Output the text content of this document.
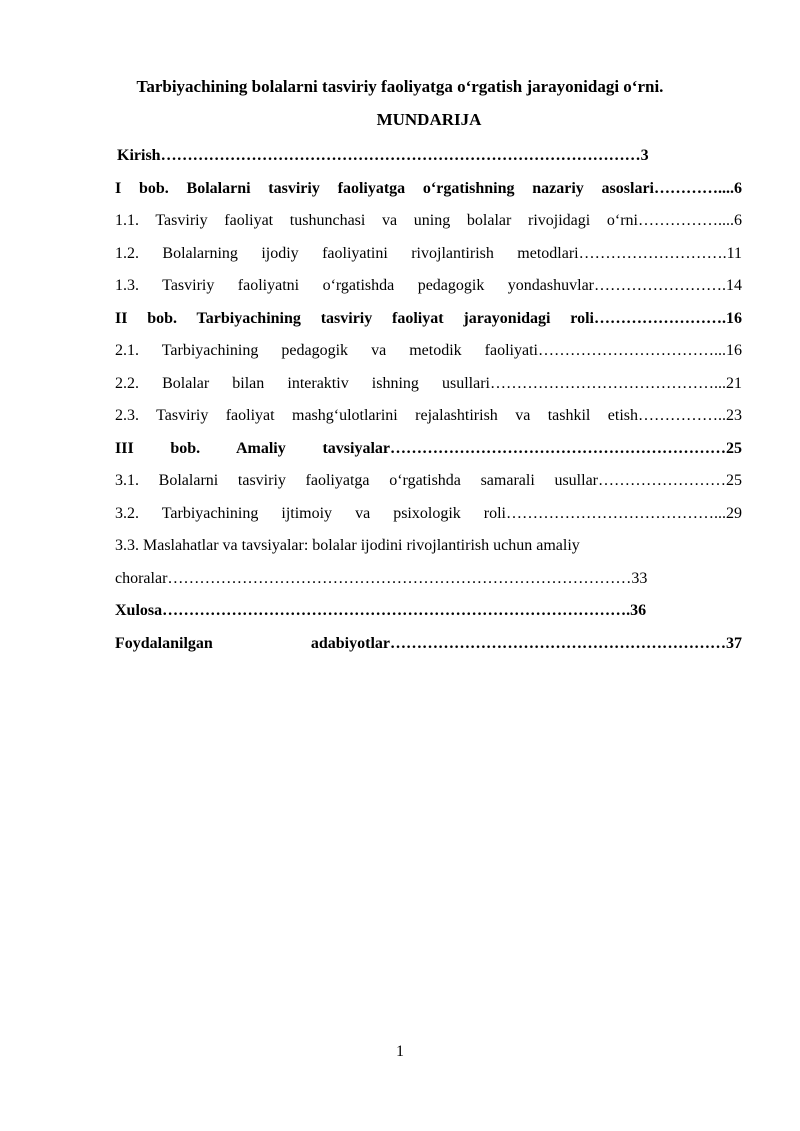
Tarbiyachining bolalarni tasviriy faoliyatga o‘rgatish jarayonidagi o‘rni.
MUNDARIJA
Kirish………………………………………………………………………………3
I bob. Bolalarni tasviriy faoliyatga o‘rgatishning nazariy asoslari…………....6
1.1. Tasviriy faoliyat tushunchasi va uning bolalar rivojidagi o‘rni……………....6
1.2. Bolalarning ijodiy faoliyatini rivojlantirish metodlari……………………….11
1.3. Tasviriy faoliyatni o‘rgatishda pedagogik yondashuvlar…………………….14
II bob. Tarbiyachining tasviriy faoliyat jarayonidagi roli…………………….16
2.1. Tarbiyachining pedagogik va metodik faoliyati……………………………...16
2.2. Bolalar bilan interaktiv ishning usullari……………………………………...21
2.3. Tasviriy faoliyat mashg‘ulotlarini rejalashtirish va tashkil etish……………..23
III bob. Amaliy tavsiyalar………………………………………………………25
3.1. Bolalarni tasviriy faoliyatga o‘rgatishda samarali usullar……………………25
3.2. Tarbiyachining ijtimoiy va psixologik roli…………………………………...29
3.3. Maslahatlar va tavsiyalar: bolalar ijodini rivojlantirish uchun amaliy
choralar……………………………………………………………………………33
Xulosa…………………………………………………………………………….36
Foydalanilgan adabiyotlar………………………………………………………37
1
